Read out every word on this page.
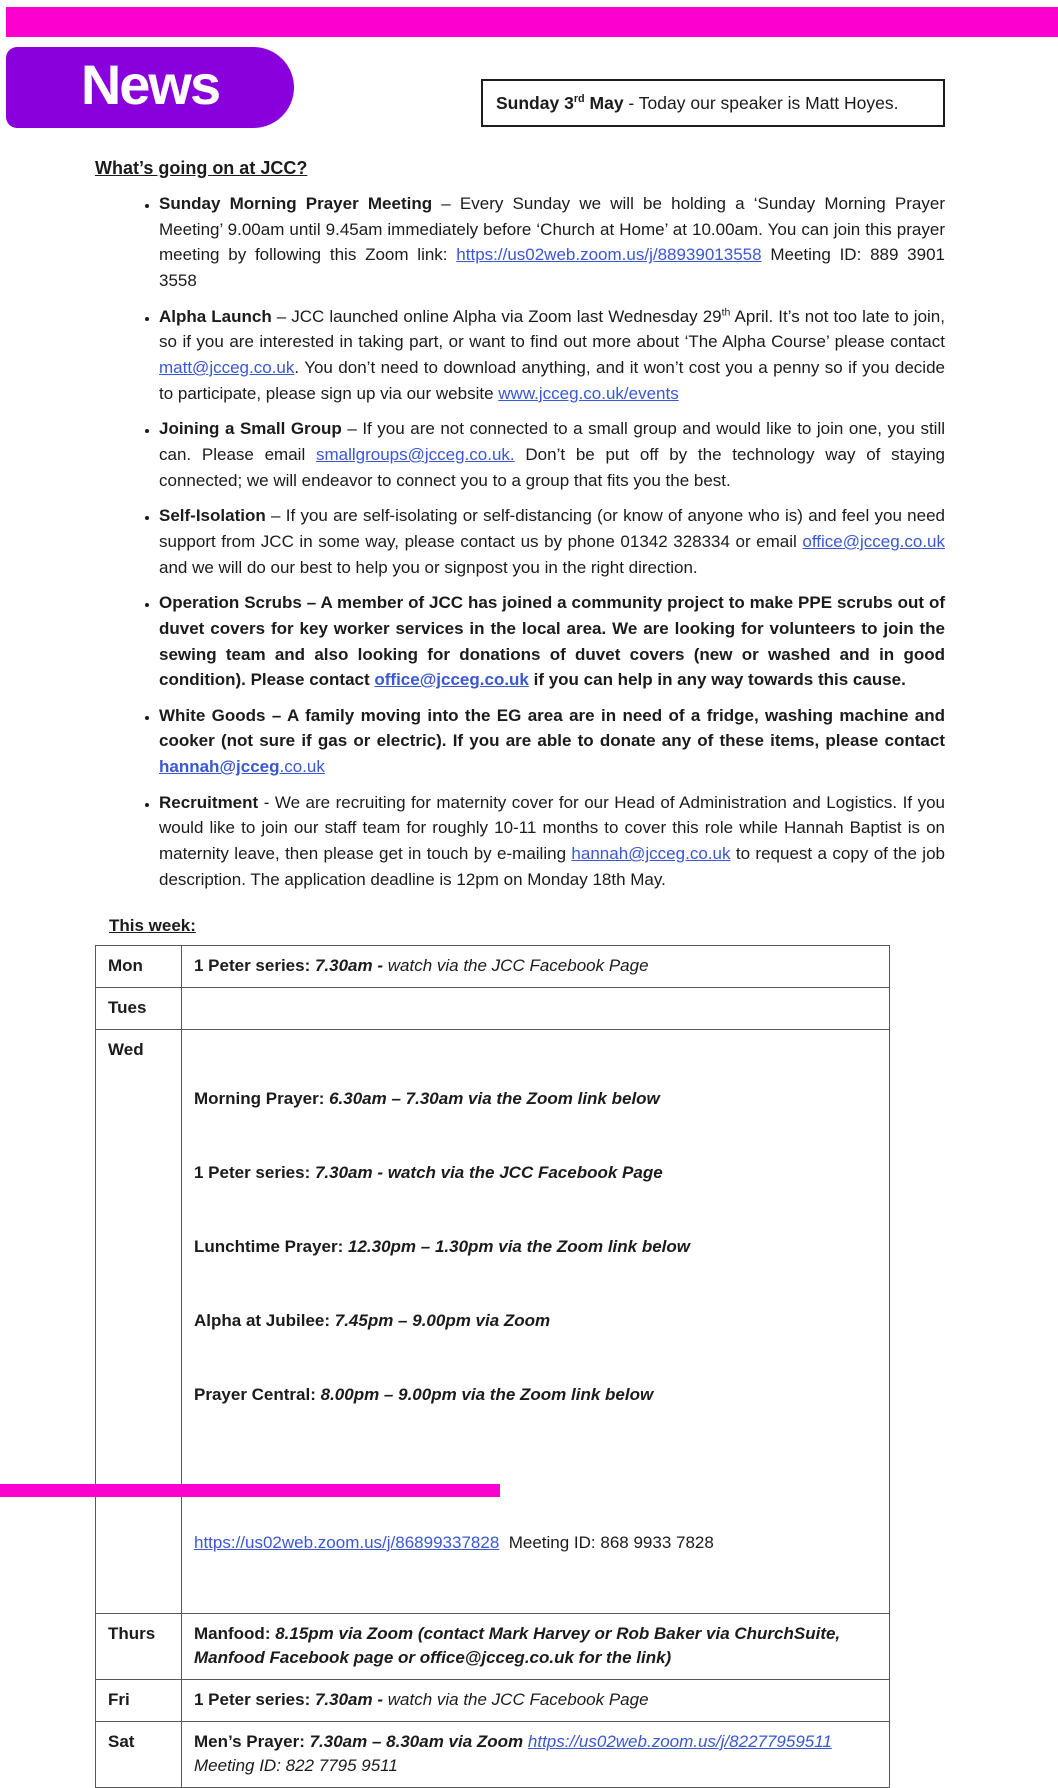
News	Sunday 3rd May - Today our speaker is Matt Hoyes.
What’s going on at JCC?
• Sunday Morning Prayer Meeting – Every Sunday we will be holding a ‘Sunday Morning Prayer Meeting’ 9.00am until 9.45am immediately before ‘Church at Home’ at 10.00am. You can join this prayer meeting by following this Zoom link: https://us02web.zoom.us/j/88939013558 Meeting ID: 889 3901 3558
• Alpha Launch – JCC launched online Alpha via Zoom last Wednesday 29th April. It’s not too late to join, so if you are interested in taking part, or want to find out more about ‘The Alpha Course’ please contact matt@jcceg.co.uk. You don’t need to download anything, and it won’t cost you a penny so if you decide to participate, please sign up via our website www.jcceg.co.uk/events
• Joining a Small Group – If you are not connected to a small group and would like to join one, you still can. Please email smallgroups@jcceg.co.uk. Don’t be put off by the technology way of staying connected; we will endeavor to connect you to a group that fits you the best.
• Self-Isolation – If you are self-isolating or self-distancing (or know of anyone who is) and feel you need support from JCC in some way, please contact us by phone 01342 328334 or email office@jcceg.co.uk and we will do our best to help you or signpost you in the right direction.
• Operation Scrubs – A member of JCC has joined a community project to make PPE scrubs out of duvet covers for key worker services in the local area. We are looking for volunteers to join the sewing team and also looking for donations of duvet covers (new or washed and in good condition). Please contact office@jcceg.co.uk if you can help in any way towards this cause.
• White Goods – A family moving into the EG area are in need of a fridge, washing machine and cooker (not sure if gas or electric). If you are able to donate any of these items, please contact hannah@jcceg.co.uk
• Recruitment - We are recruiting for maternity cover for our Head of Administration and Logistics. If you would like to join our staff team for roughly 10-11 months to cover this role while Hannah Baptist is on maternity leave, then please get in touch by e-mailing hannah@jcceg.co.uk to request a copy of the job description. The application deadline is 12pm on Monday 18th May.
This week:
Mon	1 Peter series: 7.30am - watch via the JCC Facebook Page
Tues	
Wed	

Morning Prayer: 6.30am – 7.30am via the Zoom link below

1 Peter series: 7.30am - watch via the JCC Facebook Page

Lunchtime Prayer: 12.30pm – 1.30pm via the Zoom link below

Alpha at Jubilee: 7.45pm – 9.00pm via Zoom

Prayer Central: 8.00pm – 9.00pm via the Zoom link below

https://us02web.zoom.us/j/86899337828  Meeting ID: 868 9933 7828

Thurs	Manfood: 8.15pm via Zoom (contact Mark Harvey or Rob Baker via ChurchSuite, Manfood Facebook page or office@jcceg.co.uk for the link)
Fri	1 Peter series: 7.30am - watch via the JCC Facebook Page
Sat	Men’s Prayer: 7.30am – 8.30am via Zoom https://us02web.zoom.us/j/82277959511 Meeting ID: 822 7795 9511
